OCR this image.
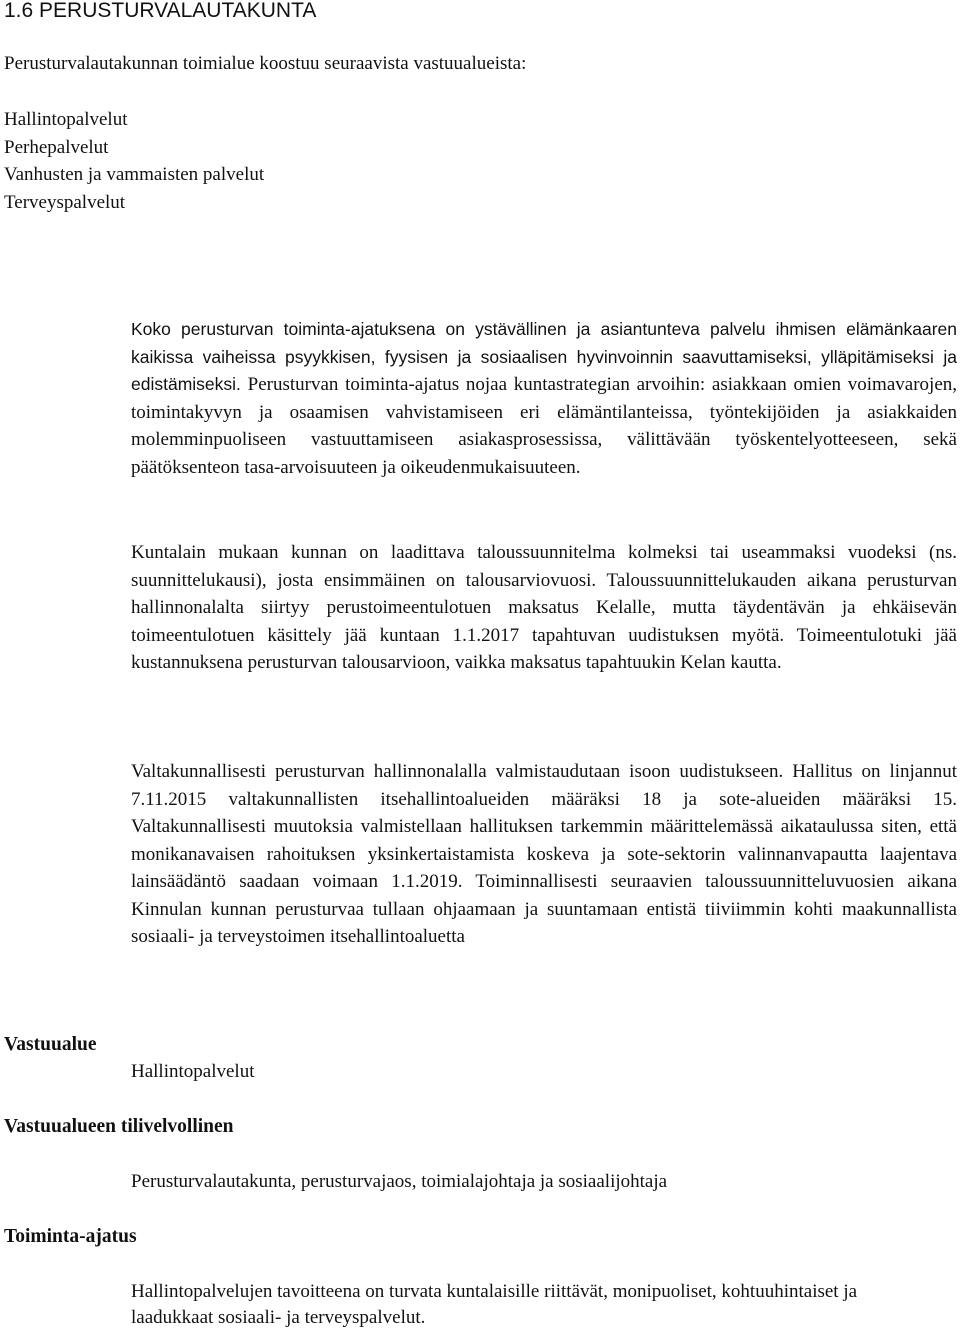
1.6 PERUSTURVALAUTAKUNTA
Perusturvalautakunnan toimialue koostuu seuraavista vastuualueista:
Hallintopalvelut
Perhepalvelut
Vanhusten ja vammaisten palvelut
Terveyspalvelut

Koko perusturvan toiminta-ajatuksena on ystävällinen ja asiantunteva palvelu ihmisen elämänkaaren kaikissa vaiheissa psyykkisen, fyysisen ja sosiaalisen hyvinvoinnin saavuttamiseksi, ylläpitämiseksi ja edistämiseksi. Perusturvan toiminta-ajatus nojaa kuntastrategian arvoihin: asiakkaan omien voimavarojen, toimintakyvyn ja osaamisen vahvistamiseen eri elämäntilanteissa, työntekijöiden ja asiakkaiden molemminpuoliseen vastuuttamiseen asiakasprosessissa, välittävään työskentelyotteeseen, sekä päätöksenteon tasa-arvoisuuteen ja oikeudenmukaisuuteen.

Kuntalain mukaan kunnan on laadittava taloussuunnitelma kolmeksi tai useammaksi vuodeksi (ns. suunnittelukausi), josta ensimmäinen on talousarviovuosi. Taloussuunnittelukauden aikana perusturvan hallinnonalalta siirtyy perustoimeentulotuen maksatus Kelalle, mutta täydentävän ja ehkäisevän toimeentulotuen käsittely jää kuntaan 1.1.2017 tapahtuvan uudistuksen myötä. Toimeentulotuki jää kustannuksena perusturvan talousarvioon, vaikka maksatus tapahtuukin Kelan kautta.

Valtakunnallisesti perusturvan hallinnonalalla valmistaudutaan isoon uudistukseen. Hallitus on linjannut 7.11.2015 valtakunnallisten itsehallintoalueiden määräksi 18 ja sote-alueiden määräksi 15. Valtakunnallisesti muutoksia valmistellaan hallituksen tarkemmin määrittelemässä aikataulussa siten, että monikanavaisen rahoituksen yksinkertaistamista koskeva ja sote-sektorin valinnanvapautta laajentava lainsäädäntö saadaan voimaan 1.1.2019. Toiminnallisesti seuraavien taloussuunnitteluvuosien aikana Kinnulan kunnan perusturvaa tullaan ohjaamaan ja suuntamaan entistä tiiviimmin kohti maakunnallista sosiaali- ja terveystoimen itsehallintoaluetta

Vastuualue
Hallintopalvelut
Vastuualueen tilivelvollinen
Perusturvalautakunta, perusturvajaos, toimialajohtaja ja sosiaalijohtaja
Toiminta-ajatus
Hallintopalvelujen tavoitteena on turvata kuntalaisille riittävät, monipuoliset, kohtuuhintaiset ja laadukkaat sosiaali- ja terveyspalvelut.
